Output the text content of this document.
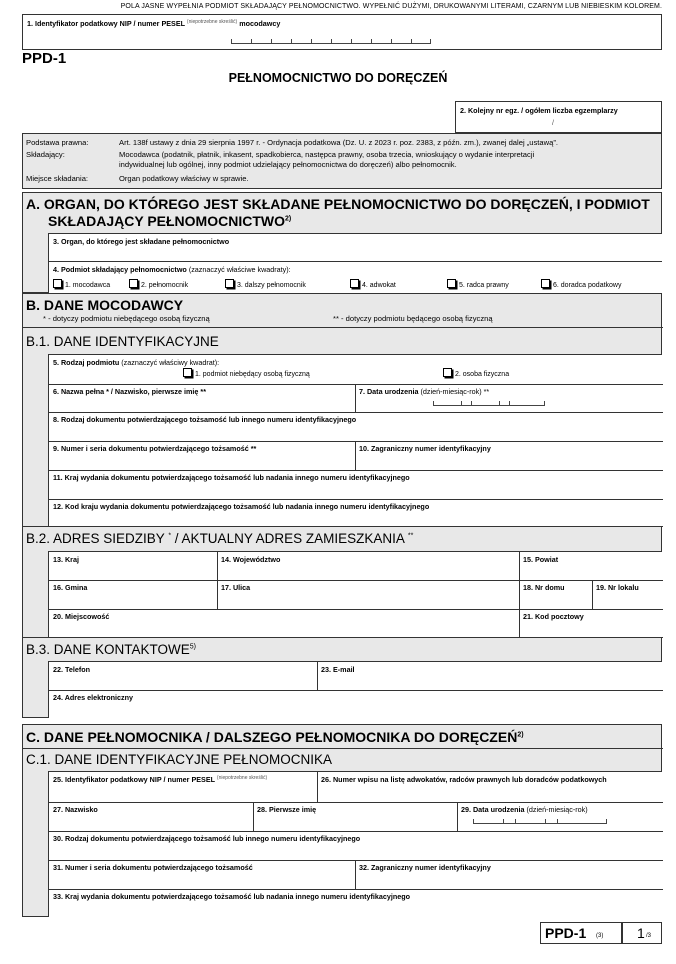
POLA JASNE WYPEŁNIA PODMIOT SKŁADAJĄCY PEŁNOMOCNICTWO. WYPEŁNIĆ DUŻYMI, DRUKOWANYMI LITERAMI, CZARNYM LUB NIEBIESKIM KOLOREM.
1. Identyfikator podatkowy NIP / numer PESEL $^{(niepotrzebne skreślić)}$ mocodawcy
PPD-1
PEŁNOMOCNICTWO DO DORĘCZEŃ
2. Kolejny nr egz. / ogółem liczba egzemplarzy
/
Podstawa prawna:	Art. 138f ustawy z dnia 29 sierpnia 1997 r. - Ordynacja podatkowa (Dz. U. z 2023 r. poz. 2383, z późn. zm.), zwanej dalej „ustawą”.
Składający:	Mocodawca (podatnik, płatnik, inkasent, spadkobierca, następca prawny, osoba trzecia, wnioskujący o wydanie interpretacji
indywidualnej lub ogólnej, inny podmiot udzielający pełnomocnictwa do doręczeń) albo pełnomocnik.
Miejsce składania:	Organ podatkowy właściwy w sprawie.
A. ORGAN, DO KTÓREGO JEST SKŁADANE PEŁNOMOCNICTWO DO DORĘCZEŃ, I PODMIOT
SKŁADAJĄCY PEŁNOMOCNICTWO$^{2)}$
3. Organ, do którego jest składane pełnomocnictwo
4. Podmiot składający pełnomocnictwo (zaznaczyć właściwe kwadraty):
1. mocodawca	2. pełnomocnik	3. dalszy pełnomocnik	4. adwokat	5. radca prawny	6. doradca podatkowy
B. DANE MOCODAWCY
* - dotyczy podmiotu niebędącego osobą fizyczną	** - dotyczy podmiotu będącego osobą fizyczną
B.1. DANE IDENTYFIKACYJNE
5. Rodzaj podmiotu (zaznaczyć właściwy kwadrat):
1. podmiot niebędący osobą fizyczną	2. osoba fizyczna
6. Nazwa pełna * / Nazwisko, pierwsze imię **	7. Data urodzenia (dzień-miesiąc-rok) **
8. Rodzaj dokumentu potwierdzającego tożsamość lub innego numeru identyfikacyjnego
9. Numer i seria dokumentu potwierdzającego tożsamość **	10. Zagraniczny numer identyfikacyjny
11. Kraj wydania dokumentu potwierdzającego tożsamość lub nadania innego numeru identyfikacyjnego
12. Kod kraju wydania dokumentu potwierdzającego tożsamość lub nadania innego numeru identyfikacyjnego
B.2. ADRES SIEDZIBY * / AKTUALNY ADRES ZAMIESZKANIA **
13. Kraj	14. Województwo	15. Powiat
16. Gmina	17. Ulica	18. Nr domu	19. Nr lokalu
20. Miejscowość	21. Kod pocztowy
B.3. DANE KONTAKTOWE$^{5)}$
22. Telefon	23. E-mail
24. Adres elektroniczny
C. DANE PEŁNOMOCNIKA / DALSZEGO PEŁNOMOCNIKA DO DORĘCZEŃ$^{2)}$
C.1. DANE IDENTYFIKACYJNE PEŁNOMOCNIKA
25. Identyfikator podatkowy NIP / numer PESEL $^{(niepotrzebne skreślić)}$	26. Numer wpisu na listę adwokatów, radców prawnych lub doradców podatkowych
27. Nazwisko	28. Pierwsze imię	29. Data urodzenia (dzień-miesiąc-rok)
30. Rodzaj dokumentu potwierdzającego tożsamość lub innego numeru identyfikacyjnego
31. Numer i seria dokumentu potwierdzającego tożsamość	32. Zagraniczny numer identyfikacyjny
33. Kraj wydania dokumentu potwierdzającego tożsamość lub nadania innego numeru identyfikacyjnego
PPD-1 (3) 1 /3
